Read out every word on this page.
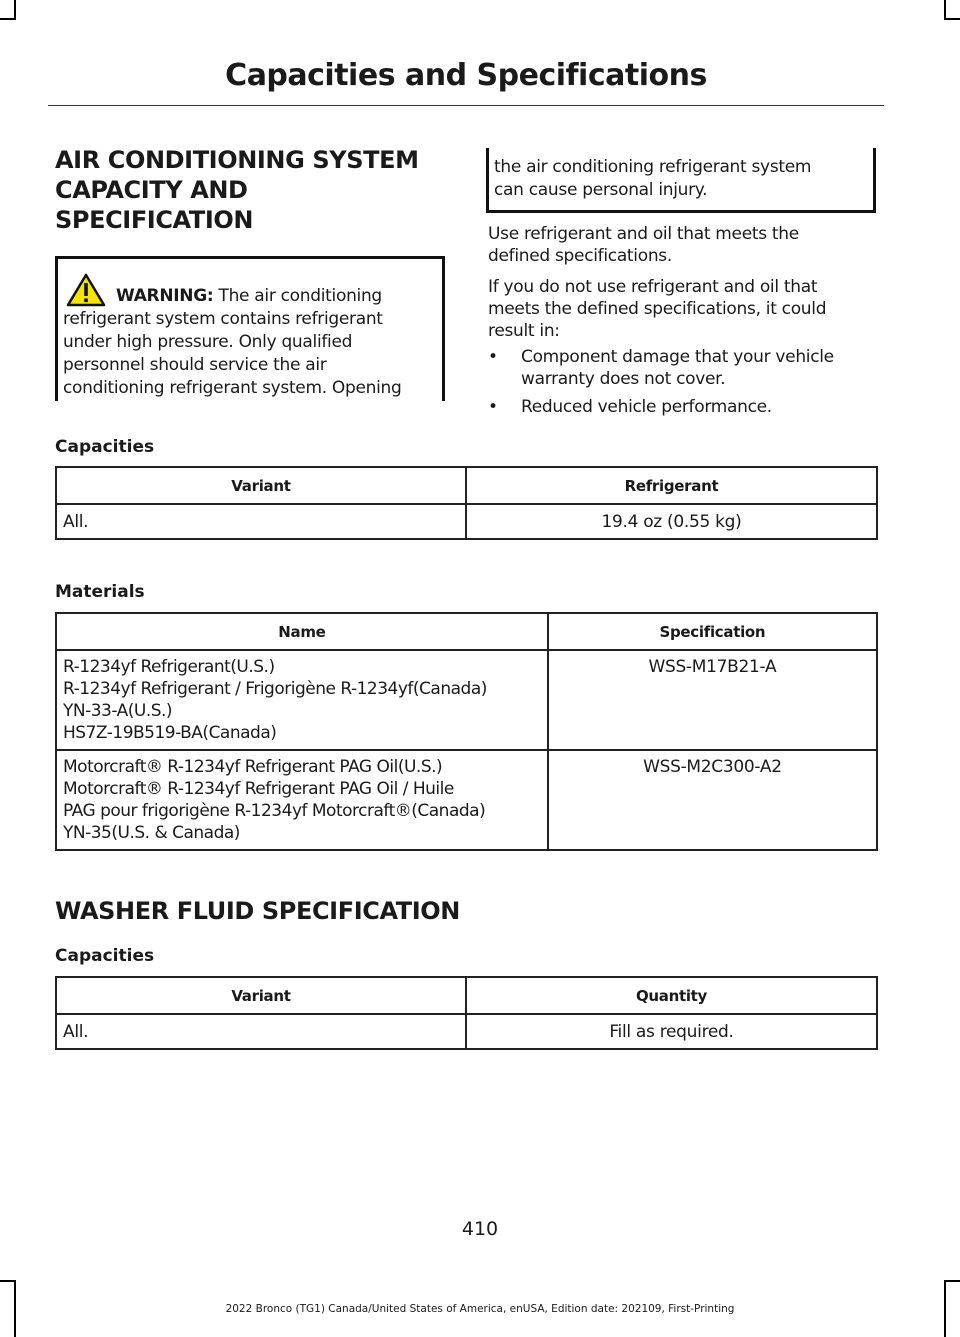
Capacities and Specifications
AIR CONDITIONING SYSTEM
CAPACITY AND
SPECIFICATION
WARNING: The air conditioning
refrigerant system contains refrigerant
under high pressure. Only qualified
personnel should service the air
conditioning refrigerant system. Opening
the air conditioning refrigerant system
can cause personal injury.

Use refrigerant and oil that meets the
defined specifications.

If you do not use refrigerant and oil that
meets the defined specifications, it could
result in:

• Component damage that your vehicle
warranty does not cover.
• Reduced vehicle performance.
Capacities
Variant	Refrigerant
All.	19.4 oz (0.55 kg)
Materials
Name	Specification

R-1234yf Refrigerant(U.S.)
R-1234yf Refrigerant / Frigorigène R-1234yf(Canada)
YN-33-A(U.S.)
HS7Z-19B519-BA(Canada)	WSS-M17B21-A

Motorcraft® R-1234yf Refrigerant PAG Oil(U.S.)
Motorcraft® R-1234yf Refrigerant PAG Oil / Huile
PAG pour frigorigène R-1234yf Motorcraft®(Canada)
YN-35(U.S. & Canada)	WSS-M2C300-A2
WASHER FLUID SPECIFICATION
Capacities
Variant	Quantity
All.	Fill as required.
410
2022 Bronco (TG1) Canada/United States of America, enUSA, Edition date: 202109, First-Printing
